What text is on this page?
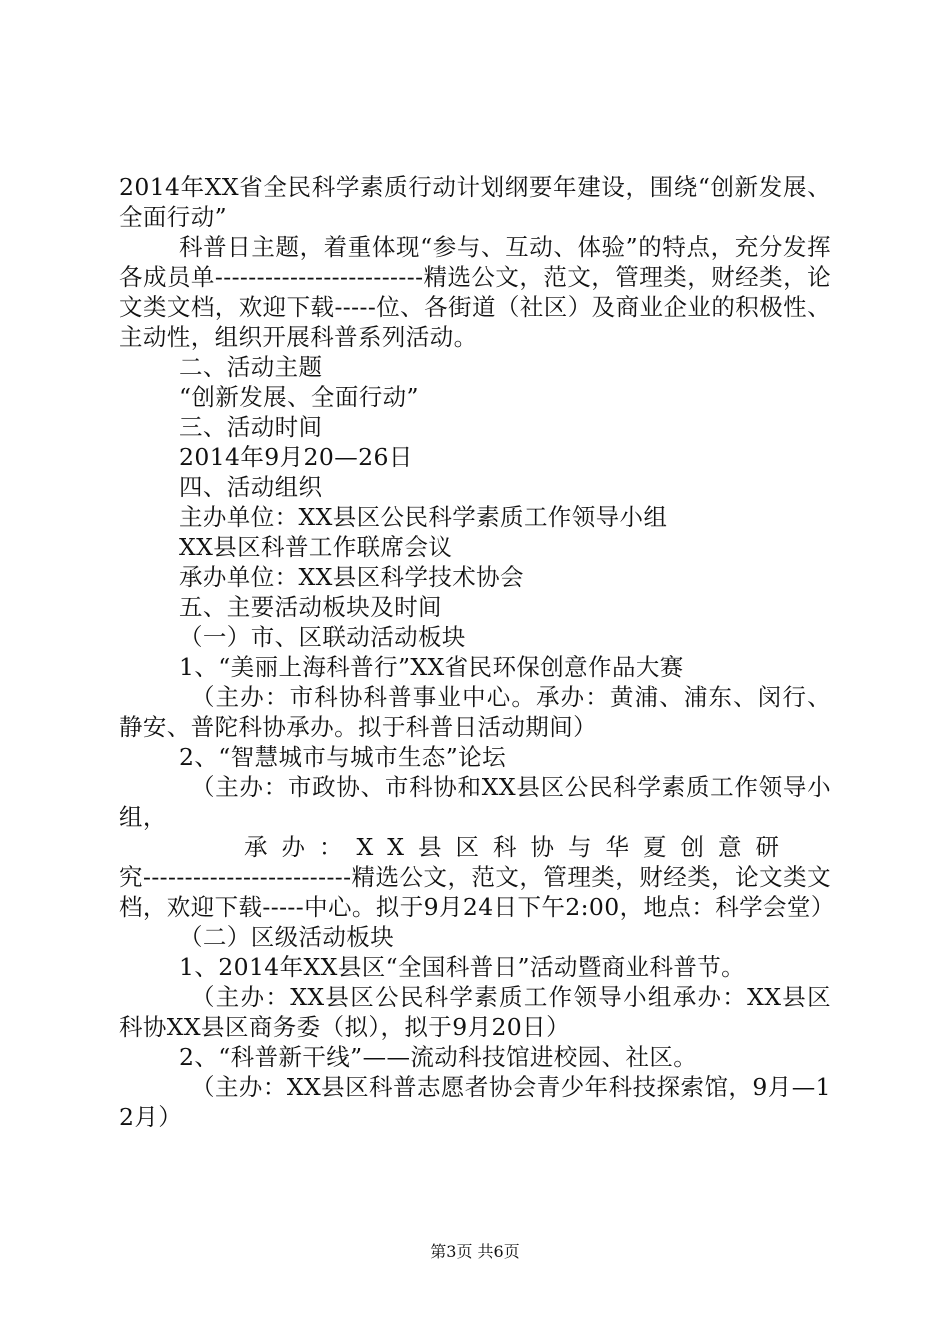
2014年XX省全民科学素质行动计划纲要年建设，围绕“创新发展、全面行动”

科普日主题，着重体现“参与、互动、体验”的特点，充分发挥各成员单-------------------------精选公文，范文，管理类，财经类，论文类文档，欢迎下载-----位、各街道（社区）及商业企业的积极性、主动性，组织开展科普系列活动。

二、活动主题

“创新发展、全面行动”

三、活动时间

2014年9月20—26日

四、活动组织

主办单位：XX县区公民科学素质工作领导小组

XX县区科普工作联席会议

承办单位：XX县区科学技术协会

五、主要活动板块及时间

（一）市、区联动活动板块

1、“美丽上海科普行”XX省民环保创意作品大赛

（主办：市科协科普事业中心。承办：黄浦、浦东、闵行、静安、普陀科协承办。拟于科普日活动期间）

2、“智慧城市与城市生态”论坛

（主办：市政协、市科协和XX县区公民科学素质工作领导小组，

承办：XX县区科协与华夏创意研

究-------------------------精选公文，范文，管理类，财经类，论文类文档，欢迎下载-----中心。拟于9月24日下午2:00，地点：科学会堂）

（二）区级活动板块

1、2014年XX县区“全国科普日”活动暨商业科普节。

（主办：XX县区公民科学素质工作领导小组承办：XX县区科协XX县区商务委（拟），拟于9月20日）

2、“科普新干线”——流动科技馆进校园、社区。

（主办：XX县区科普志愿者协会青少年科技探索馆，9月—12月）

第3页 共6页
